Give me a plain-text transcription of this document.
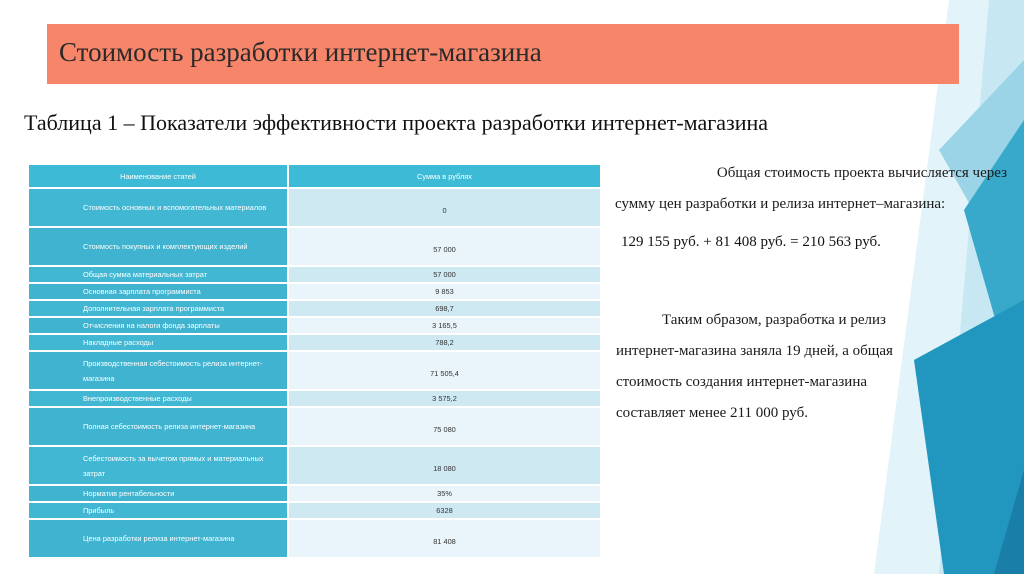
Стоимость разработки интернет-магазина
Таблица 1 – Показатели эффективности проекта разработки интернет-магазина
Наименование статей	Сумма в рублях
Стоимость основных и вспомогательных материалов	0
Стоимость покупных и комплектующих изделий	57 000
Общая сумма материальных затрат	57 000
Основная зарплата программиста	9 853
Дополнительная зарплата программиста	698,7
Отчисления на налоги фонда зарплаты	3 165,5
Накладные расходы	788,2
Производственная себестоимость релиза интернет-магазина	71 505,4
Внепроизводственные расходы	3 575,2
Полная себестоимость релиза интернет-магазина	75 080
Себестоимость за вычетом прямых и материальных затрат	18 080
Норматив рентабельности	35%
Прибыль	6328
Цена разработки релиза интернет-магазина	81 408
Общая стоимость проекта вычисляется через
сумму цен разработки и релиза интернет–магазина:
129 155 руб. + 81 408 руб. = 210 563 руб.
Таким образом, разработка и релиз
интернет-магазина заняла 19 дней, а общая
стоимость создания интернет-магазина
составляет менее 211 000 руб.
